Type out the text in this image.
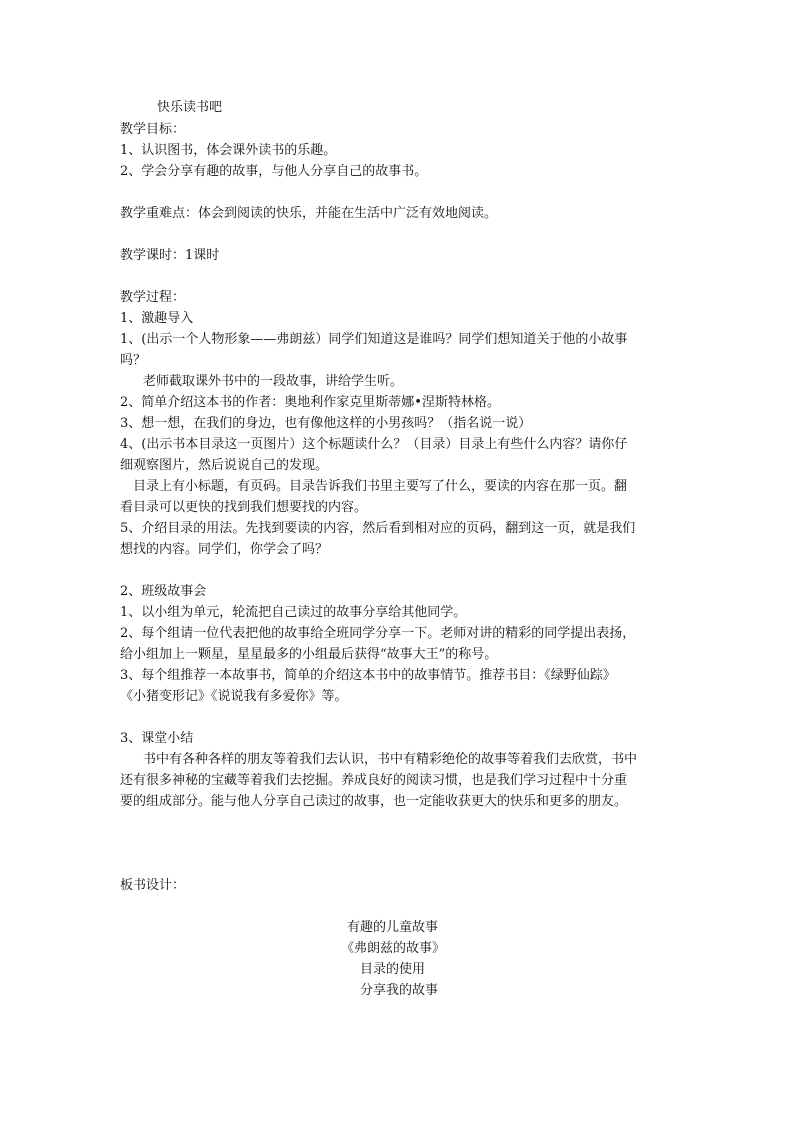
快乐读书吧
教学目标：
1、认识图书，体会课外读书的乐趣。
2、学会分享有趣的故事，与他人分享自己的故事书。
教学重难点：体会到阅读的快乐，并能在生活中广泛有效地阅读。
教学课时：1课时
教学过程：
1、激趣导入
1、(出示一个人物形象——弗朗兹）同学们知道这是谁吗？同学们想知道关于他的小故事
吗？
老师截取课外书中的一段故事，讲给学生听。
2、简单介绍这本书的作者：奥地利作家克里斯蒂娜•涅斯特林格。
3、想一想，在我们的身边，也有像他这样的小男孩吗？（指名说一说）
4、(出示书本目录这一页图片）这个标题读什么？（目录）目录上有些什么内容？请你仔
细观察图片，然后说说自己的发现。
目录上有小标题，有页码。目录告诉我们书里主要写了什么，要读的内容在那一页。翻
看目录可以更快的找到我们想要找的内容。
5、介绍目录的用法。先找到要读的内容，然后看到相对应的页码，翻到这一页，就是我们
想找的内容。同学们，你学会了吗？
2、班级故事会
1、以小组为单元，轮流把自己读过的故事分享给其他同学。
2、每个组请一位代表把他的故事给全班同学分享一下。老师对讲的精彩的同学提出表扬，
给小组加上一颗星，星星最多的小组最后获得“故事大王”的称号。
3、每个组推荐一本故事书，简单的介绍这本书中的故事情节。推荐书目：《绿野仙踪》
《小猪变形记》《说说我有多爱你》等。
3、课堂小结
书中有各种各样的朋友等着我们去认识，书中有精彩绝伦的故事等着我们去欣赏，书中
还有很多神秘的宝藏等着我们去挖掘。养成良好的阅读习惯，也是我们学习过程中十分重
要的组成部分。能与他人分享自己读过的故事，也一定能收获更大的快乐和更多的朋友。
板书设计：
有趣的儿童故事
《弗朗兹的故事》
目录的使用
分享我的故事
